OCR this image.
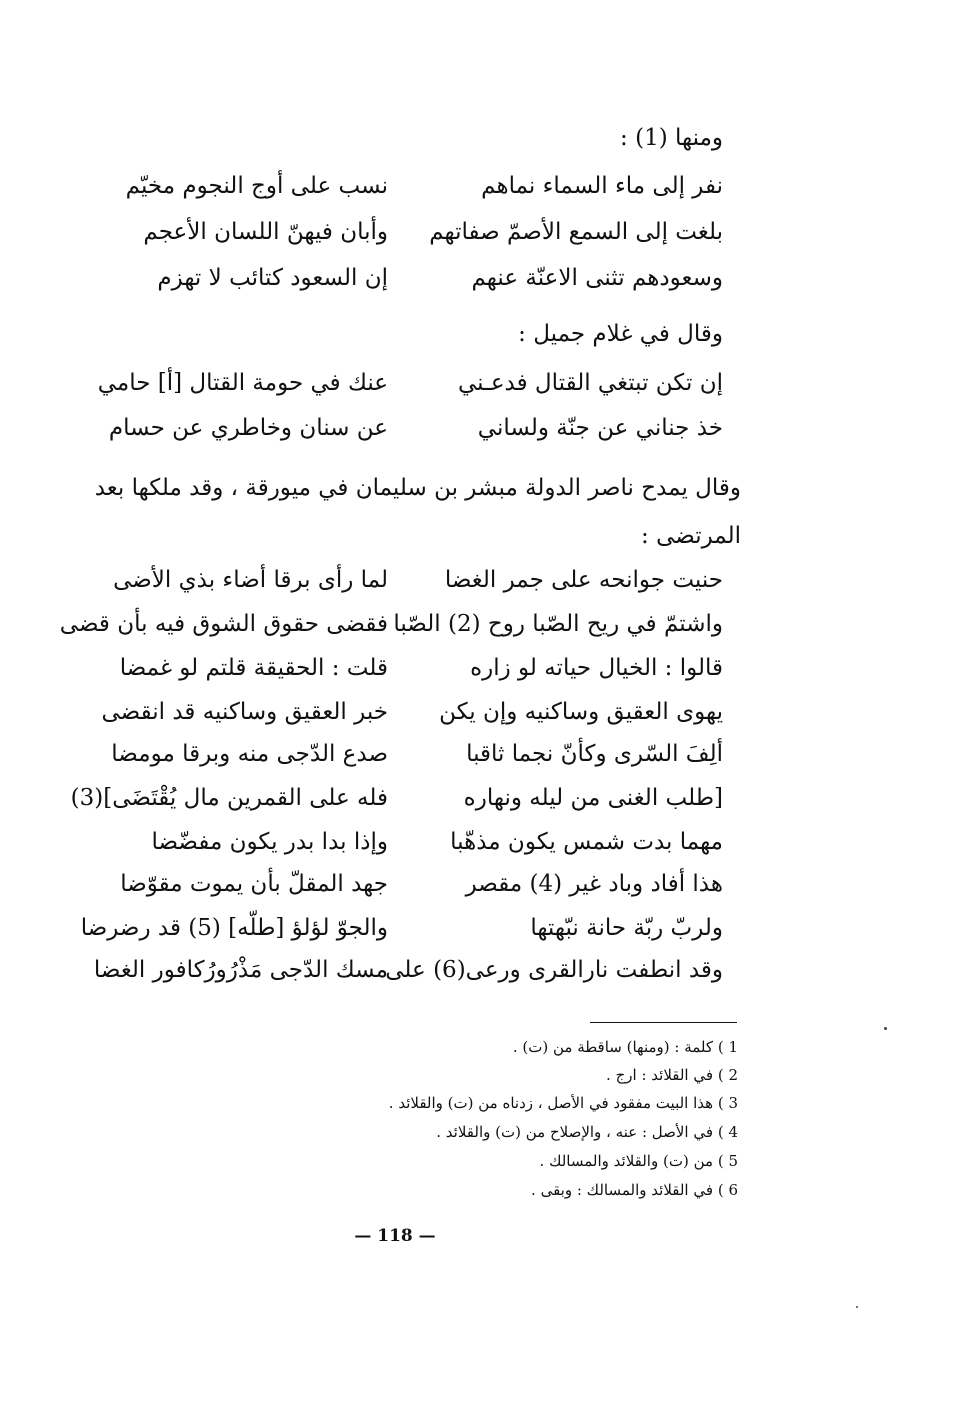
ومنها (1) :
نفر إلى ماء السماء نماهم
نسب على أوج النجوم مخيّم
بلغت إلى السمع الأصمّ صفاتهم
وأبان فيهنّ اللسان الأعجم
وسعودهم تثنى الاعنّة عنهم
إن السعود كتائب لا تهزم
وقال في غلام جميل :
إن تكن تبتغي القتال فدعـني
عنك في حومة القتال [أ] حامي
خذ جناني عن جنّة ولساني
عن سنان وخاطري عن حسام
وقال يمدح ناصر الدولة مبشر بن سليمان في ميورقة ، وقد ملكها بعد
المرتضى :
حنيت جوانحه على جمر الغضا
لما رأى برقا أضاء بذي الأضى
واشتمّ في ريح الصّبا روح (2) الصّبا
فقضى حقوق الشوق فيه بأن قضى
قالوا : الخيال حياته لو زاره
قلت : الحقيقة قلتم لو غمضا
يهوى العقيق وساكنيه وإن يكن
خبر العقيق وساكنيه قد انقضى
ألِفَ السّرى وكأنّ نجما ثاقبا
صدع الدّجى منه وبرقا مومضا
[طلب الغنى من ليله ونهاره
فله على القمرين مال يُقْتَضَى](3)
مهما بدت شمس يكون مذهّبا
وإذا بدا بدر يكون مفضّضا
هذا أفاد وباد غير (4) مقصر
جهد المقلّ بأن يموت مقوّضا
ولربّ ربّة حانة نبّهتها
والجوّ لؤلؤ [طلّه] (5) قد رضرضا
وقد انطفت نارالقرى ورعى(6) على
مسك الدّجى مَذْرُورُكافور الغضا
1 ) كلمة : (ومنها) ساقطة من (ت) .
2 ) في القلائد : ارج .
3 ) هذا البيت مفقود في الأصل ، زدناه من (ت) والقلائد .
4 ) في الأصل : عنه ، والإصلاح من (ت) والقلائد .
5 ) من (ت) والقلائد والمسالك .
6 ) في القلائد والمسالك : وبقى .
— 118 —
